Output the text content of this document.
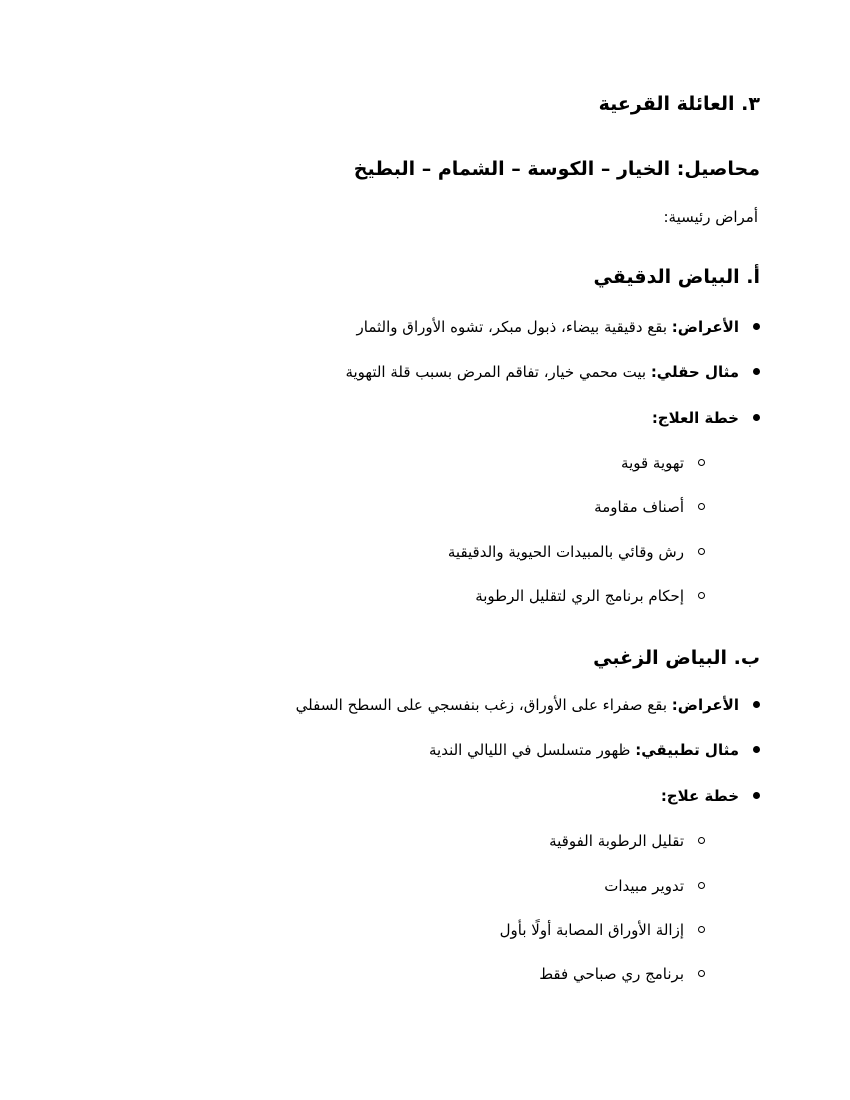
٣. العائلة القرعية
محاصيل: الخيار – الكوسة – الشمام – البطيخ
أمراض رئيسية:
أ. البياض الدقيقي
الأعراض: بقع دقيقية بيضاء، ذبول مبكر، تشوه الأوراق والثمار
مثال حقلي: بيت محمي خيار، تفاقم المرض بسبب قلة التهوية
خطة العلاج:
تهوية قوية
أصناف مقاومة
رش وقائي بالمبيدات الحيوية والدقيقية
إحكام برنامج الري لتقليل الرطوبة
ب. البياض الزغبي
الأعراض: بقع صفراء على الأوراق، زغب بنفسجي على السطح السفلي
مثال تطبيقي: ظهور متسلسل في الليالي الندية
خطة علاج:
تقليل الرطوبة الفوقية
تدوير مبيدات
إزالة الأوراق المصابة أولًا بأول
برنامج ري صباحي فقط
